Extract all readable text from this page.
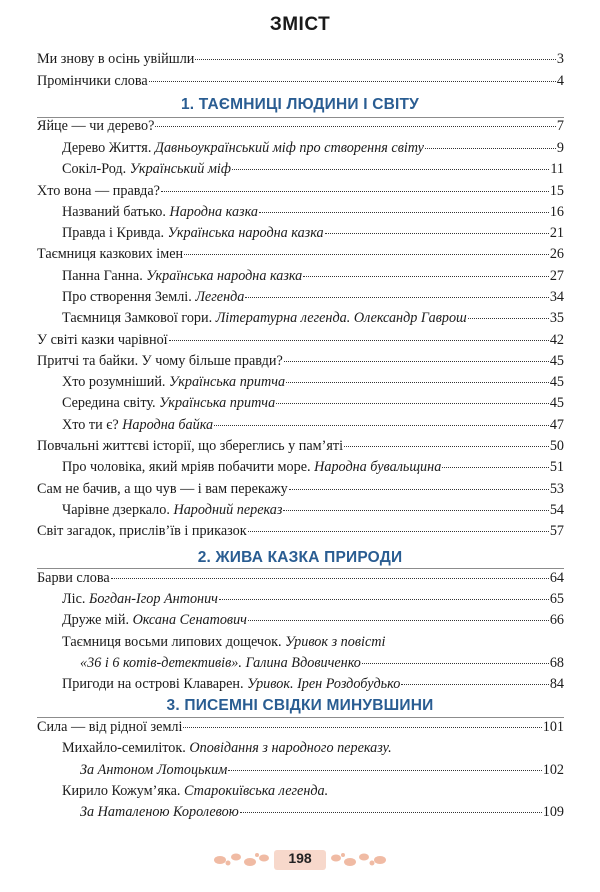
ЗМІСТ
Ми знову в осінь увійшли	3
Промінчики слова	4
1. ТАЄМНИЦІ ЛЮДИНИ І СВІТУ
Яйце — чи дерево?	7
Дерево Життя. Давньоукраїнський міф про створення світу	9
Сокіл-Род. Український міф	11
Хто вона — правда?	15
Названий батько. Народна казка	16
Правда і Кривда. Українська народна казка	21
Таємниця казкових імен	26
Панна Ганна. Українська народна казка	27
Про створення Землі. Легенда	34
Таємниця Замкової гори. Літературна легенда. Олександр Гаврош	35
У світі казки чарівної	42
Притчі та байки. У чому більше правди?	45
Хто розумніший. Українська притча	45
Середина світу. Українська притча	45
Хто ти є? Народна байка	47
Повчальні життєві історії, що збереглись у пам’яті	50
Про чоловіка, який мріяв побачити море. Народна бувальщина	51
Сам не бачив, а що чув — і вам перекажу	53
Чарівне дзеркало. Народний переказ	54
Світ загадок, прислів’їв і приказок	57
2. ЖИВА КАЗКА ПРИРОДИ
Барви слова	64
Ліс. Богдан-Ігор Антонич	65
Друже мій. Оксана Сенатович	66
Таємниця восьми липових дощечок. Уривок з повісті
«36 і 6 котів-детективів». Галина Вдовиченко	68
Пригоди на острові Клаварен. Уривок. Ірен Роздобудько	84
3. ПИСЕМНІ СВІДКИ МИНУВШИНИ
Сила — від рідної землі	101
Михайло-семиліток. Оповідання з народного переказу.
За Антоном Лотоцьким	102
Кирило Кожум’яка. Старокиївська легенда.
За Наталеною Королевою	109
198
